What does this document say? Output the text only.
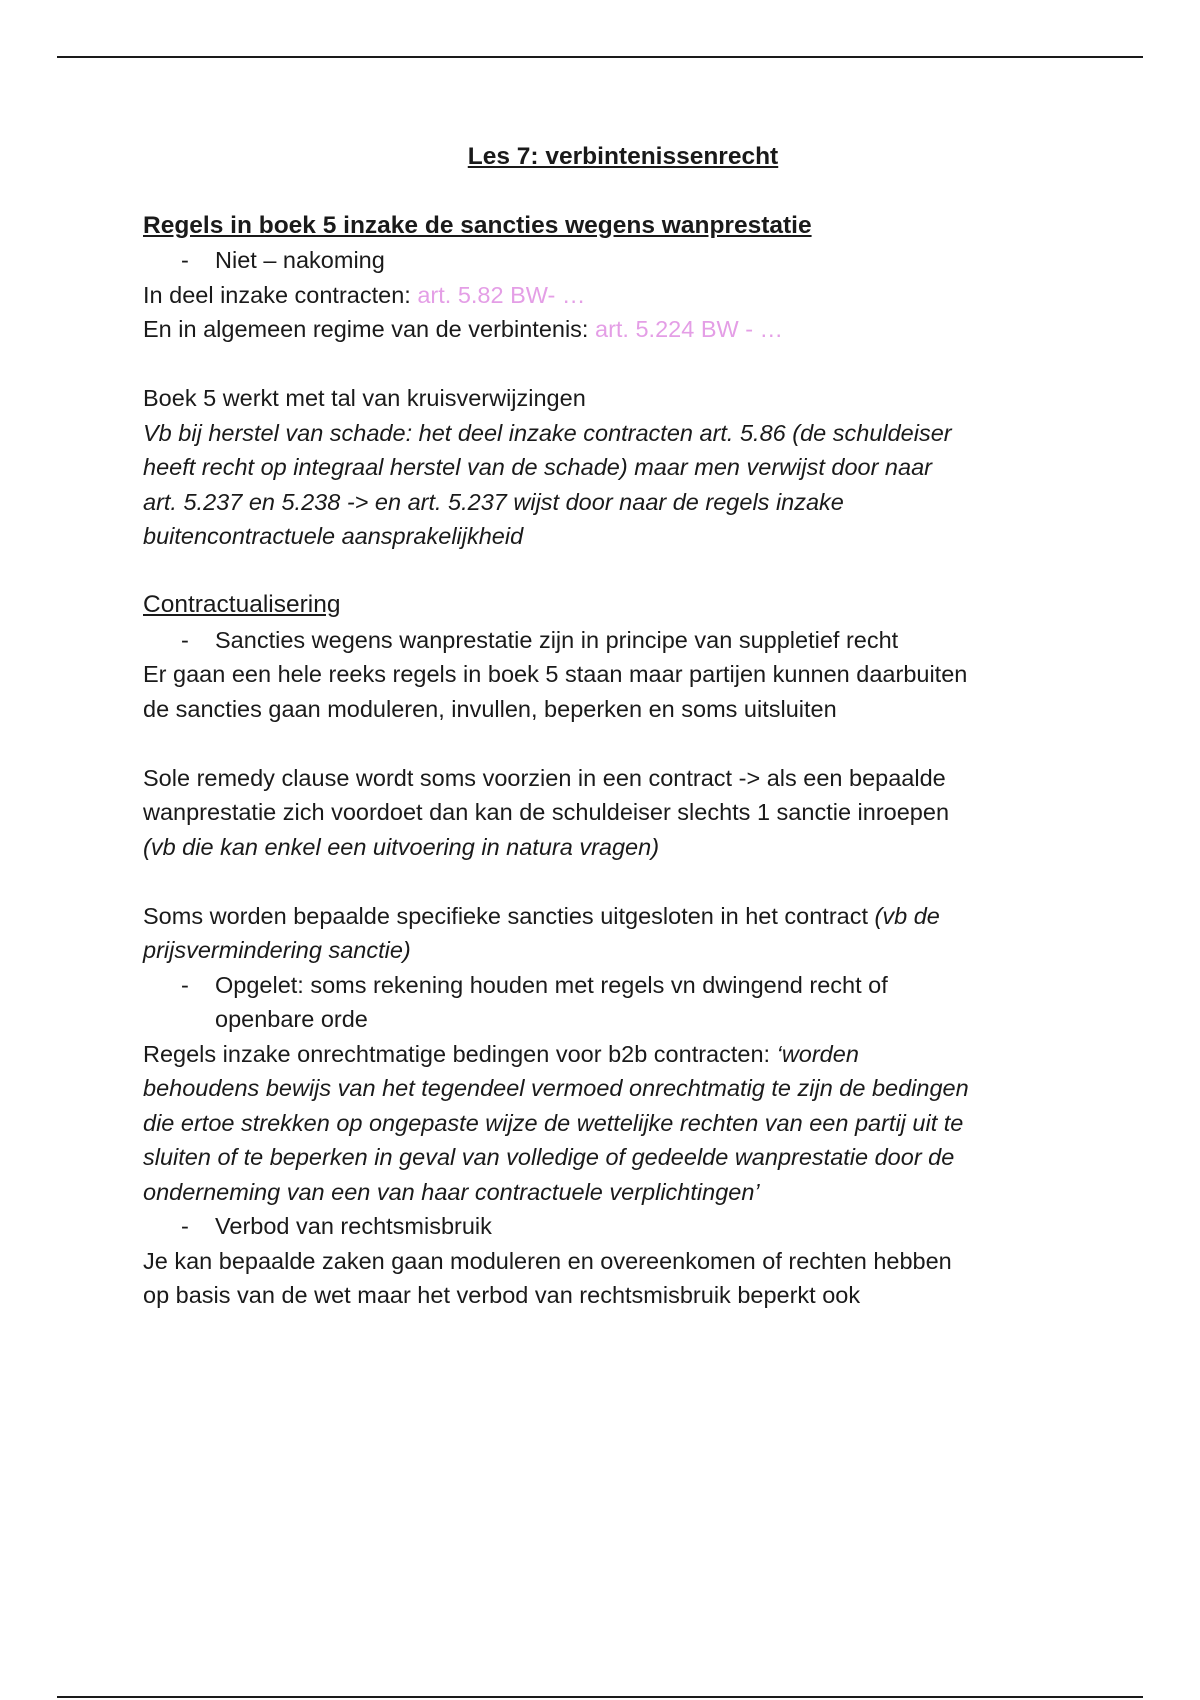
Les 7: verbintenissenrecht

Regels in boek 5 inzake de sancties wegens wanprestatie

- Niet – nakoming

In deel inzake contracten: art. 5.82 BW- …

En in algemeen regime van de verbintenis: art. 5.224 BW - …

Boek 5 werkt met tal van kruisverwijzingen

Vb bij herstel van schade: het deel inzake contracten art. 5.86 (de schuldeiser

heeft recht op integraal herstel van de schade) maar men verwijst door naar

art. 5.237 en 5.238 -> en art. 5.237 wijst door naar de regels inzake

buitencontractuele aansprakelijkheid

Contractualisering

- Sancties wegens wanprestatie zijn in principe van suppletief recht

Er gaan een hele reeks regels in boek 5 staan maar partijen kunnen daarbuiten

de sancties gaan moduleren, invullen, beperken en soms uitsluiten

Sole remedy clause wordt soms voorzien in een contract -> als een bepaalde

wanprestatie zich voordoet dan kan de schuldeiser slechts 1 sanctie inroepen

(vb die kan enkel een uitvoering in natura vragen)

Soms worden bepaalde specifieke sancties uitgesloten in het contract (vb de

prijsvermindering sanctie)

- Opgelet: soms rekening houden met regels vn dwingend recht of

openbare orde

Regels inzake onrechtmatige bedingen voor b2b contracten: ‘worden

behoudens bewijs van het tegendeel vermoed onrechtmatig te zijn de bedingen

die ertoe strekken op ongepaste wijze de wettelijke rechten van een partij uit te

sluiten of te beperken in geval van volledige of gedeelde wanprestatie door de

onderneming van een van haar contractuele verplichtingen’

- Verbod van rechtsmisbruik

Je kan bepaalde zaken gaan moduleren en overeenkomen of rechten hebben

op basis van de wet maar het verbod van rechtsmisbruik beperkt ook
